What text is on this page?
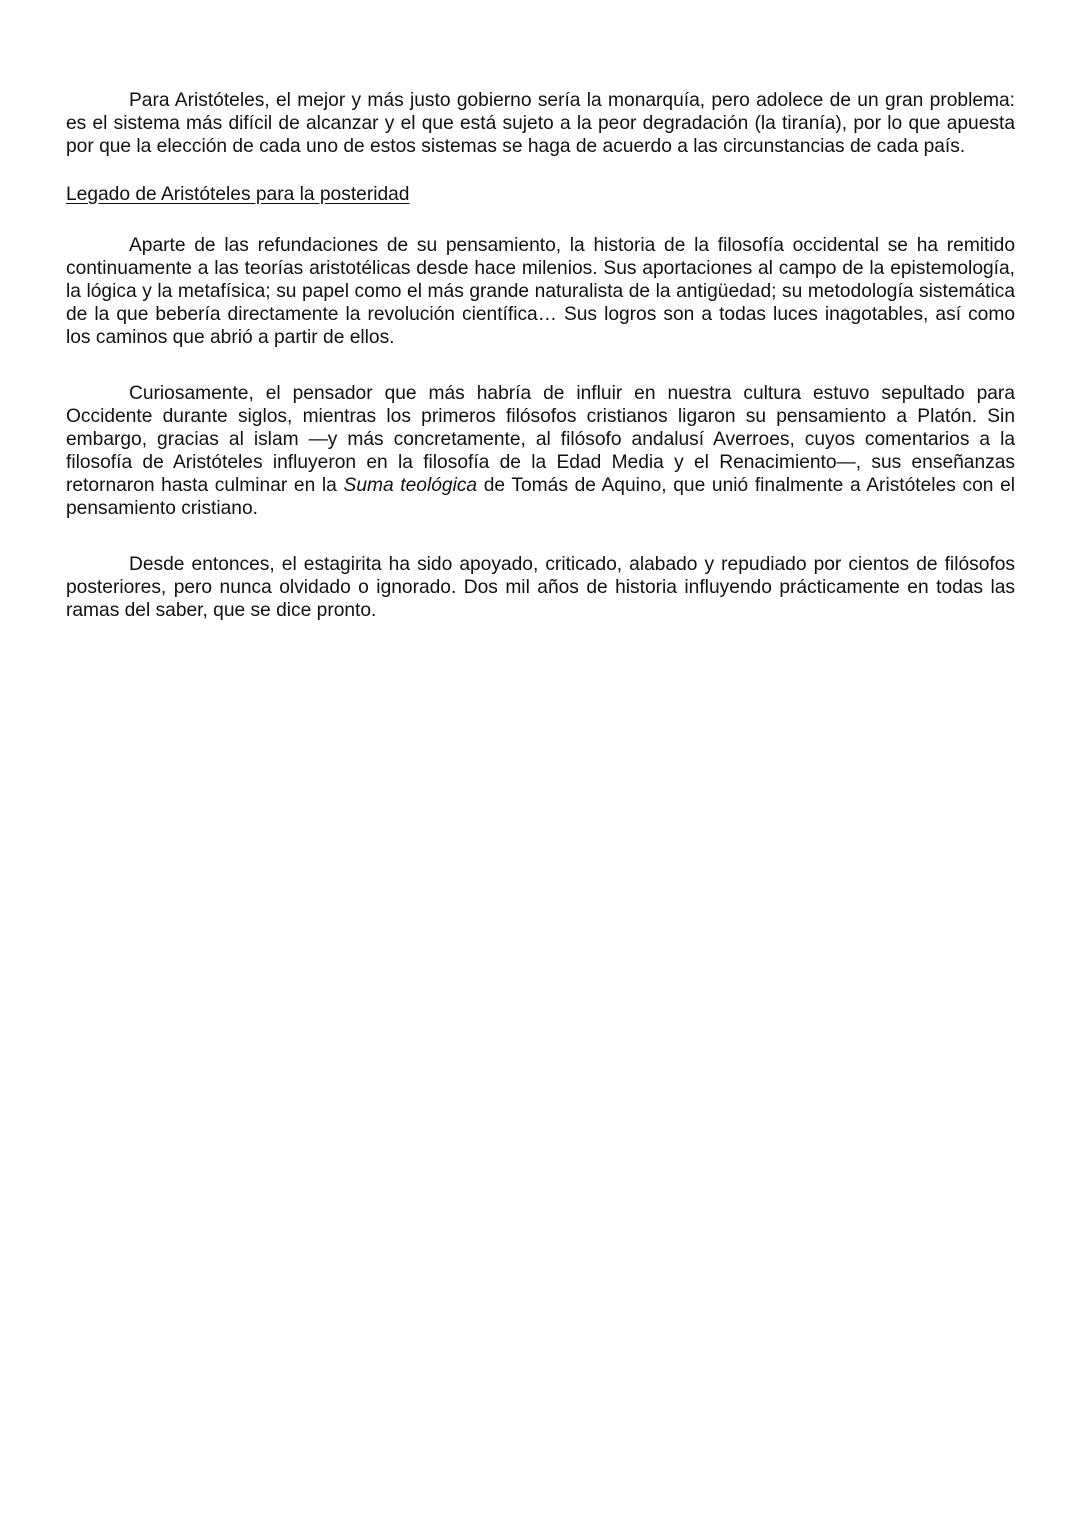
Para Aristóteles, el mejor y más justo gobierno sería la monarquía, pero adolece de un gran problema: es el sistema más difícil de alcanzar y el que está sujeto a la peor degradación (la tiranía), por lo que apuesta por que la elección de cada uno de estos sistemas se haga de acuerdo a las circunstancias de cada país.

Legado de Aristóteles para la posteridad

Aparte de las refundaciones de su pensamiento, la historia de la filosofía occidental se ha remitido continuamente a las teorías aristotélicas desde hace milenios. Sus aportaciones al campo de la epistemología, la lógica y la metafísica; su papel como el más grande naturalista de la antigüedad; su metodología sistemática de la que bebería directamente la revolución científica… Sus logros son a todas luces inagotables, así como los caminos que abrió a partir de ellos.

Curiosamente, el pensador que más habría de influir en nuestra cultura estuvo sepultado para Occidente durante siglos, mientras los primeros filósofos cristianos ligaron su pensamiento a Platón. Sin embargo, gracias al islam —y más concretamente, al filósofo andalusí Averroes, cuyos comentarios a la filosofía de Aristóteles influyeron en la filosofía de la Edad Media y el Renacimiento—, sus enseñanzas retornaron hasta culminar en la Suma teológica de Tomás de Aquino, que unió finalmente a Aristóteles con el pensamiento cristiano.

Desde entonces, el estagirita ha sido apoyado, criticado, alabado y repudiado por cientos de filósofos posteriores, pero nunca olvidado o ignorado. Dos mil años de historia influyendo prácticamente en todas las ramas del saber, que se dice pronto.
